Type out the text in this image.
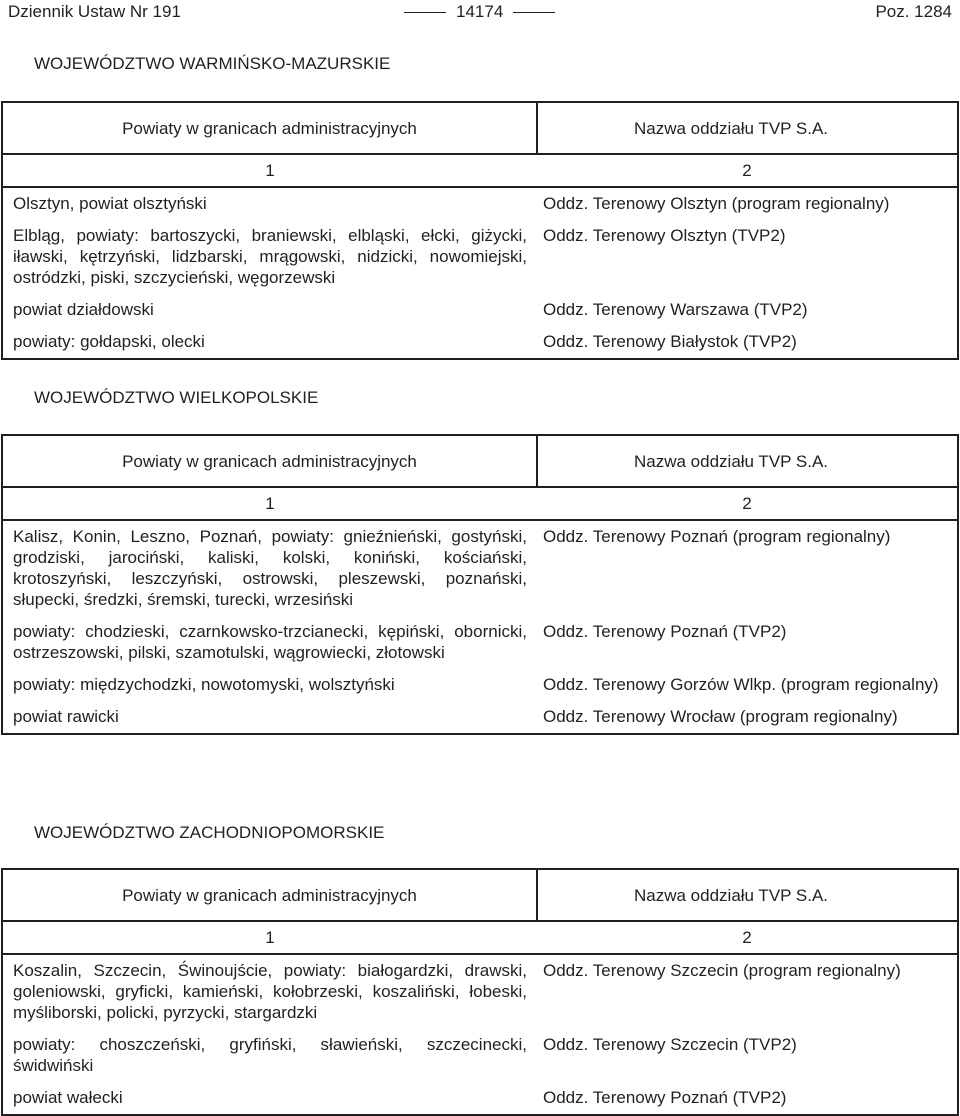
Dziennik Ustaw Nr 191	14174	Poz. 1284
WOJEWÓDZTWO WARMIŃSKO-MAZURSKIE
Powiaty w granicach administracyjnych	Nazwa oddziału TVP S.A.
1	2
Olsztyn, powiat olsztyński	Oddz. Terenowy Olsztyn (program regionalny)
Elbląg, powiaty: bartoszycki, braniewski, elbląski, ełcki, giżycki, iławski, kętrzyński, lidzbarski, mrągowski, nidzicki, nowomiejski, ostródzki, piski, szczycieński, węgorzewski	Oddz. Terenowy Olsztyn (TVP2)
powiat działdowski	Oddz. Terenowy Warszawa (TVP2)
powiaty: gołdapski, olecki	Oddz. Terenowy Białystok (TVP2)
WOJEWÓDZTWO WIELKOPOLSKIE
Powiaty w granicach administracyjnych	Nazwa oddziału TVP S.A.
1	2
Kalisz, Konin, Leszno, Poznań, powiaty: gnieźnieński, gostyński, grodziski, jarociński, kaliski, kolski, koniński, kościański, krotoszyński, leszczyński, ostrowski, pleszewski, poznański, słupecki, średzki, śremski, turecki, wrzesiński	Oddz. Terenowy Poznań (program regionalny)
powiaty: chodzieski, czarnkowsko-trzcianecki, kępiński, obornicki, ostrzeszowski, pilski, szamotulski, wągrowiecki, złotowski	Oddz. Terenowy Poznań (TVP2)
powiaty: międzychodzki, nowotomyski, wolsztyński	Oddz. Terenowy Gorzów Wlkp. (program regionalny)
powiat rawicki	Oddz. Terenowy Wrocław (program regionalny)
WOJEWÓDZTWO ZACHODNIOPOMORSKIE
Powiaty w granicach administracyjnych	Nazwa oddziału TVP S.A.
1	2
Koszalin, Szczecin, Świnoujście, powiaty: białogardzki, drawski, goleniowski, gryficki, kamieński, kołobrzeski, koszaliński, łobeski, myśliborski, policki, pyrzycki, stargardzki	Oddz. Terenowy Szczecin (program regionalny)
powiaty: choszczeński, gryfiński, sławieński, szczecinecki, świdwiński	Oddz. Terenowy Szczecin (TVP2)
powiat wałecki	Oddz. Terenowy Poznań (TVP2)
